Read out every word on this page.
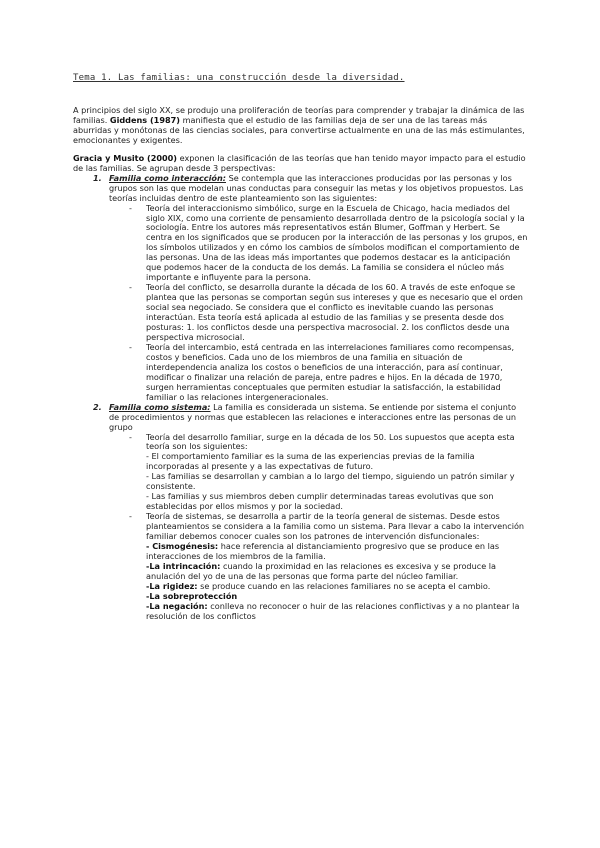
Tema 1. Las familias: una construcción desde la diversidad.

A principios del siglo XX, se produjo una proliferación de teorías para comprender y trabajar la dinámica de las familias. Giddens (1987) manifiesta que el estudio de las familias deja de ser una de las tareas más aburridas y monótonas de las ciencias sociales, para convertirse actualmente en una de las más estimulantes, emocionantes y exigentes.

Gracia y Musito (2000) exponen la clasificación de las teorías que han tenido mayor impacto para el estudio de las familias. Se agrupan desde 3 perspectivas:

1. Familia como interacción: Se contempla que las interacciones producidas por las personas y los grupos son las que modelan unas conductas para conseguir las metas y los objetivos propuestos. Las teorías incluidas dentro de este planteamiento son las siguientes:
- Teoría del interaccionismo simbólico, surge en la Escuela de Chicago, hacia mediados del siglo XIX, como una corriente de pensamiento desarrollada dentro de la psicología social y la sociología. Entre los autores más representativos están Blumer, Goffman y Herbert. Se centra en los significados que se producen por la interacción de las personas y los grupos, en los símbolos utilizados y en cómo los cambios de símbolos modifican el comportamiento de las personas. Una de las ideas más importantes que podemos destacar es la anticipación que podemos hacer de la conducta de los demás. La familia se considera el núcleo más importante e influyente para la persona.
- Teoría del conflicto, se desarrolla durante la década de los 60. A través de este enfoque se plantea que las personas se comportan según sus intereses y que es necesario que el orden social sea negociado. Se considera que el conflicto es inevitable cuando las personas interactúan. Esta teoría está aplicada al estudio de las familias y se presenta desde dos posturas: 1. los conflictos desde una perspectiva macrosocial. 2. los conflictos desde una perspectiva microsocial.
- Teoría del intercambio, está centrada en las interrelaciones familiares como recompensas, costos y beneficios. Cada uno de los miembros de una familia en situación de interdependencia analiza los costos o beneficios de una interacción, para así continuar, modificar o finalizar una relación de pareja, entre padres e hijos. En la década de 1970, surgen herramientas conceptuales que permiten estudiar la satisfacción, la estabilidad familiar o las relaciones intergeneracionales.
2. Familia como sistema: La familia es considerada un sistema. Se entiende por sistema el conjunto de procedimientos y normas que establecen las relaciones e interacciones entre las personas de un grupo
- Teoría del desarrollo familiar, surge en la década de los 50. Los supuestos que acepta esta teoría son los siguientes:

- El comportamiento familiar es la suma de las experiencias previas de la familia incorporadas al presente y a las expectativas de futuro.

- Las familias se desarrollan y cambian a lo largo del tiempo, siguiendo un patrón similar y consistente.

- Las familias y sus miembros deben cumplir determinadas tareas evolutivas que son establecidas por ellos mismos y por la sociedad.

- Teoría de sistemas, se desarrolla a partir de la teoría general de sistemas. Desde estos planteamientos se considera a la familia como un sistema. Para llevar a cabo la intervención familiar debemos conocer cuales son los patrones de intervención disfuncionales:

- Cismogénesis: hace referencia al distanciamiento progresivo que se produce en las interacciones de los miembros de la familia.

-La intrincación: cuando la proximidad en las relaciones es excesiva y se produce la anulación del yo de una de las personas que forma parte del núcleo familiar.

-La rigidez: se produce cuando en las relaciones familiares no se acepta el cambio.

-La sobreprotección

-La negación: conlleva no reconocer o huir de las relaciones conflictivas y a no plantear la resolución de los conflictos
